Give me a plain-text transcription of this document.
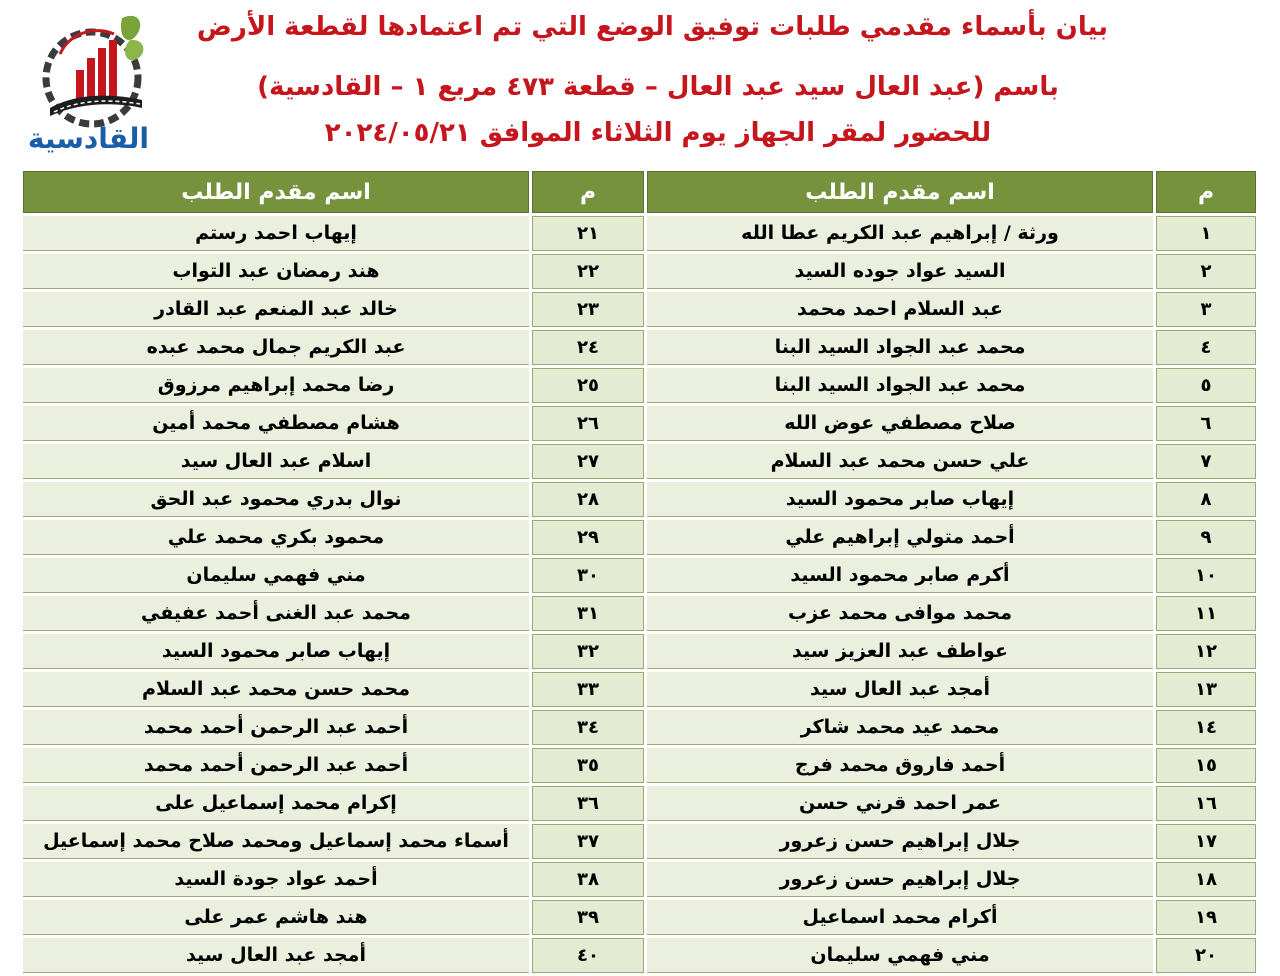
بيان بأسماء مقدمي طلبات توفيق الوضع التي تم اعتمادها لقطعة الأرض
باسم (عبد العال سيد عبد العال – قطعة ٤٧٣ مربع ١ – القادسية)
للحضور لمقر الجهاز يوم الثلاثاء الموافق ٢٠٢٤/٠٥/٢١
القادسية
م	اسم مقدم الطلب	م	اسم مقدم الطلب
١	ورثة / إبراهيم عبد الكريم عطا الله	٢١	إيهاب احمد رستم
٢	السيد عواد جوده السيد	٢٢	هند رمضان عبد التواب
٣	عبد السلام احمد محمد	٢٣	خالد عبد المنعم عبد القادر
٤	محمد عبد الجواد السيد البنا	٢٤	عبد الكريم جمال محمد عبده
٥	محمد عبد الجواد السيد البنا	٢٥	رضا محمد إبراهيم مرزوق
٦	صلاح مصطفي عوض الله	٢٦	هشام مصطفي محمد أمين
٧	علي حسن محمد عبد السلام	٢٧	اسلام عبد العال سيد
٨	إيهاب صابر محمود السيد	٢٨	نوال بدري محمود عبد الحق
٩	أحمد متولي إبراهيم علي	٢٩	محمود بكري محمد علي
١٠	أكرم صابر محمود السيد	٣٠	مني فهمي سليمان
١١	محمد موافى محمد عزب	٣١	محمد عبد الغنى أحمد عفيفي
١٢	عواطف عبد العزيز سيد	٣٢	إيهاب صابر محمود السيد
١٣	أمجد عبد العال سيد	٣٣	محمد حسن محمد عبد السلام
١٤	محمد عيد محمد شاكر	٣٤	أحمد عبد الرحمن أحمد محمد
١٥	أحمد فاروق محمد فرج	٣٥	أحمد عبد الرحمن أحمد محمد
١٦	عمر احمد قرني حسن	٣٦	إكرام محمد إسماعيل على
١٧	جلال إبراهيم حسن زعرور	٣٧	أسماء محمد إسماعيل ومحمد صلاح محمد إسماعيل
١٨	جلال إبراهيم حسن زعرور	٣٨	أحمد عواد جودة السيد
١٩	أكرام محمد اسماعيل	٣٩	هند هاشم عمر على
٢٠	مني فهمي سليمان	٤٠	أمجد عبد العال سيد
